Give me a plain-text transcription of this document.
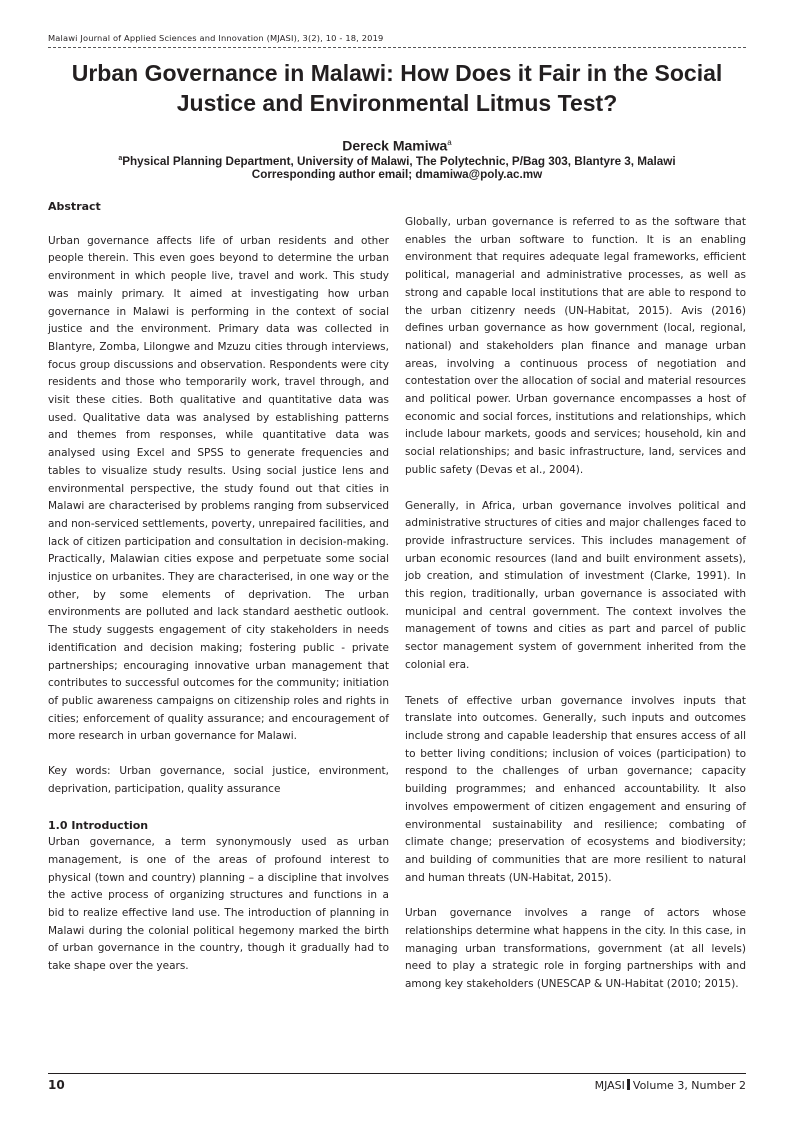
Malawi Journal of Applied Sciences and Innovation (MJASI), 3(2), 10 - 18, 2019
Urban Governance in Malawi: How Does it Fair in the Social Justice and Environmental Litmus Test?
Dereck Mamiwa$^a$
$^a$Physical Planning Department, University of Malawi, The Polytechnic, P/Bag 303, Blantyre 3, Malawi
Corresponding author email; dmamiwa@poly.ac.mw

Abstract

Urban governance affects life of urban residents and other people therein. This even goes beyond to determine the urban environment in which people live, travel and work. This study was mainly primary. It aimed at investigating how urban governance in Malawi is performing in the context of social justice and the environment. Primary data was collected in Blantyre, Zomba, Lilongwe and Mzuzu cities through interviews, focus group discussions and observation. Respondents were city residents and those who temporarily work, travel through, and visit these cities. Both qualitative and quantitative data was used. Qualitative data was analysed by establishing patterns and themes from responses, while quantitative data was analysed using Excel and SPSS to generate frequencies and tables to visualize study results. Using social justice lens and environmental perspective, the study found out that cities in Malawi are characterised by problems ranging from subserviced and non-serviced settlements, poverty, unrepaired facilities, and lack of citizen participation and consultation in decision-making. Practically, Malawian cities expose and perpetuate some social injustice on urbanites. They are characterised, in one way or the other, by some elements of deprivation. The urban environments are polluted and lack standard aesthetic outlook. The study suggests engagement of city stakeholders in needs identification and decision making; fostering public - private partnerships; encouraging innovative urban management that contributes to successful outcomes for the community; initiation of public awareness campaigns on citizenship roles and rights in cities; enforcement of quality assurance; and encouragement of more research in urban governance for Malawi.

Key words: Urban governance, social justice, environment, deprivation, participation, quality assurance

1.0 Introduction

Urban governance, a term synonymously used as urban management, is one of the areas of profound interest to physical (town and country) planning – a discipline that involves the active process of organizing structures and functions in a bid to realize effective land use. The introduction of planning in Malawi during the colonial political hegemony marked the birth of urban governance in the country, though it gradually had to take shape over the years.

Globally, urban governance is referred to as the software that enables the urban software to function. It is an enabling environment that requires adequate legal frameworks, efficient political, managerial and administrative processes, as well as strong and capable local institutions that are able to respond to the urban citizenry needs (UN-Habitat, 2015). Avis (2016) defines urban governance as how government (local, regional, national) and stakeholders plan finance and manage urban areas, involving a continuous process of negotiation and contestation over the allocation of social and material resources and political power. Urban governance encompasses a host of economic and social forces, institutions and relationships, which include labour markets, goods and services; household, kin and social relationships; and basic infrastructure, land, services and public safety (Devas et al., 2004).

Generally, in Africa, urban governance involves political and administrative structures of cities and major challenges faced to provide infrastructure services. This includes management of urban economic resources (land and built environment assets), job creation, and stimulation of investment (Clarke, 1991). In this region, traditionally, urban governance is associated with municipal and central government. The context involves the management of towns and cities as part and parcel of public sector management system of government inherited from the colonial era.

Tenets of effective urban governance involves inputs that translate into outcomes. Generally, such inputs and outcomes include strong and capable leadership that ensures access of all to better living conditions; inclusion of voices (participation) to respond to the challenges of urban governance; capacity building programmes; and enhanced accountability. It also involves empowerment of citizen engagement and ensuring of environmental sustainability and resilience; combating of climate change; preservation of ecosystems and biodiversity; and building of communities that are more resilient to natural and human threats (UN-Habitat, 2015).

Urban governance involves a range of actors whose relationships determine what happens in the city. In this case, in managing urban transformations, government (at all levels) need to play a strategic role in forging partnerships with and among key stakeholders (UNESCAP & UN-Habitat (2010; 2015).

10	MJASI Volume 3, Number 2
